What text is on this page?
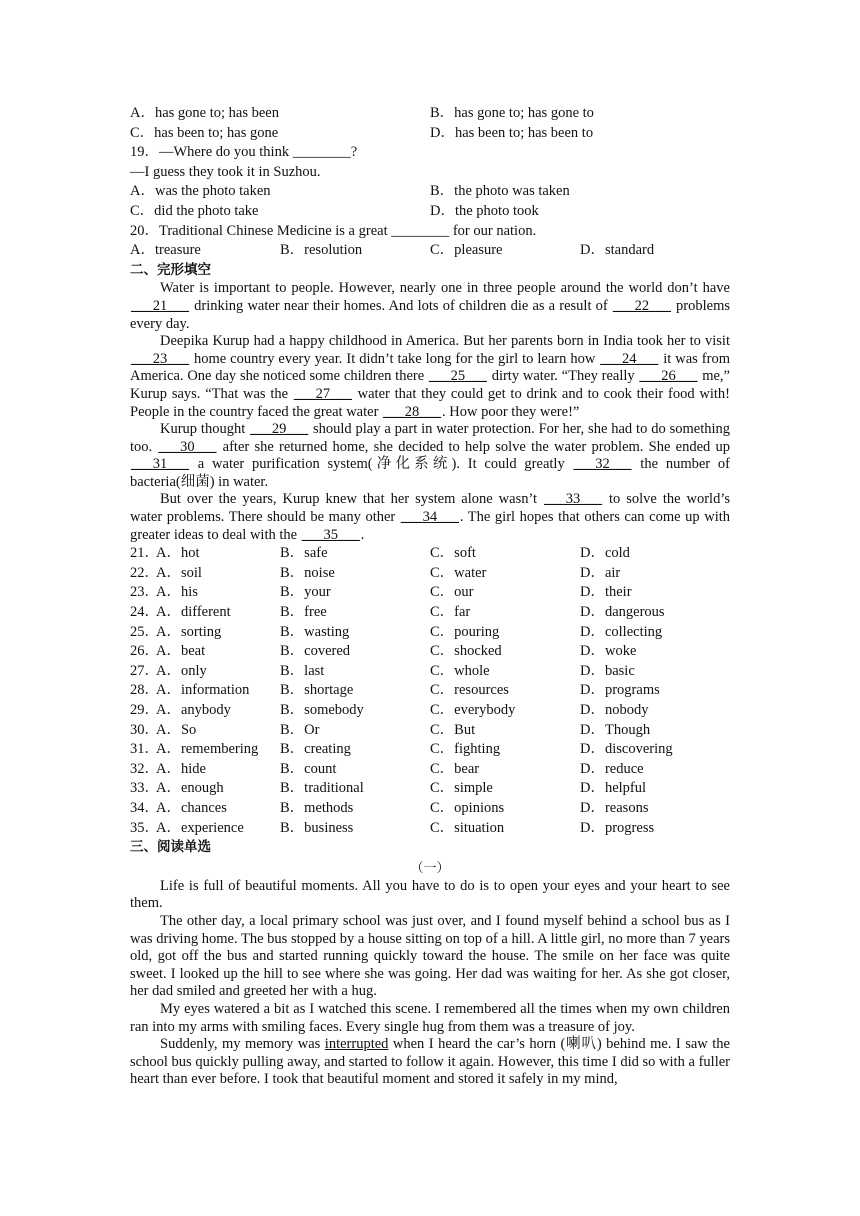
A．has gone to; has been	B．has gone to; has gone to
C．has been to; has gone	D．has been to; has been to
19．—Where do you think ________?
—I guess they took it in Suzhou.
A．was the photo taken	B．the photo was taken
C．did the photo take	D．the photo took
20．Traditional Chinese Medicine is a great ________ for our nation.
A．treasure	B．resolution	C．pleasure	D．standard
二、完形填空

Water is important to people. However, nearly one in three people around the world don’t have ___21___ drinking water near their homes. And lots of children die as a result of ___22___ problems every day.

Deepika Kurup had a happy childhood in America. But her parents born in India took her to visit ___23___ home country every year. It didn’t take long for the girl to learn how ___24___ it was from America. One day she noticed some children there ___25___ dirty water. “They really ___26___ me,” Kurup says. “That was the ___27___ water that they could get to drink and to cook their food with! People in the country faced the great water ___28___. How poor they were!”

Kurup thought ___29___ should play a part in water protection. For her, she had to do something too. ___30___ after she returned home, she decided to help solve the water problem. She ended up ___31___ a water purification system(净化系统). It could greatly ___32___ the number of bacteria(细菌) in water.

But over the years, Kurup knew that her system alone wasn’t ___33___ to solve the world’s water problems. There should be many other ___34___. The girl hopes that others can come up with greater ideas to deal with the ___35___.

21．A．hot	B．safe	C．soft	D．cold
22．A．soil	B．noise	C．water	D．air
23．A．his	B．your	C．our	D．their
24．A．different	B．free	C．far	D．dangerous
25．A．sorting	B．wasting	C．pouring	D．collecting
26．A．beat	B．covered	C．shocked	D．woke
27．A．only	B．last	C．whole	D．basic
28．A．information	B．shortage	C．resources	D．programs
29．A．anybody	B．somebody	C．everybody	D．nobody
30．A．So	B．Or	C．But	D．Though
31．A．remembering	B．creating	C．fighting	D．discovering
32．A．hide	B．count	C．bear	D．reduce
33．A．enough	B．traditional	C．simple	D．helpful
34．A．chances	B．methods	C．opinions	D．reasons
35．A．experience	B．business	C．situation	D．progress
三、阅读单选
（一）

Life is full of beautiful moments. All you have to do is to open your eyes and your heart to see them.

The other day, a local primary school was just over, and I found myself behind a school bus as I was driving home. The bus stopped by a house sitting on top of a hill. A little girl, no more than 7 years old, got off the bus and started running quickly toward the house. The smile on her face was quite sweet. I looked up the hill to see where she was going. Her dad was waiting for her. As she got closer, her dad smiled and greeted her with a hug.

My eyes watered a bit as I watched this scene. I remembered all the times when my own children ran into my arms with smiling faces. Every single hug from them was a treasure of joy.

Suddenly, my memory was interrupted when I heard the car’s horn (喇叭) behind me. I saw the school bus quickly pulling away, and started to follow it again. However, this time I did so with a fuller heart than ever before. I took that beautiful moment and stored it safely in my mind,
